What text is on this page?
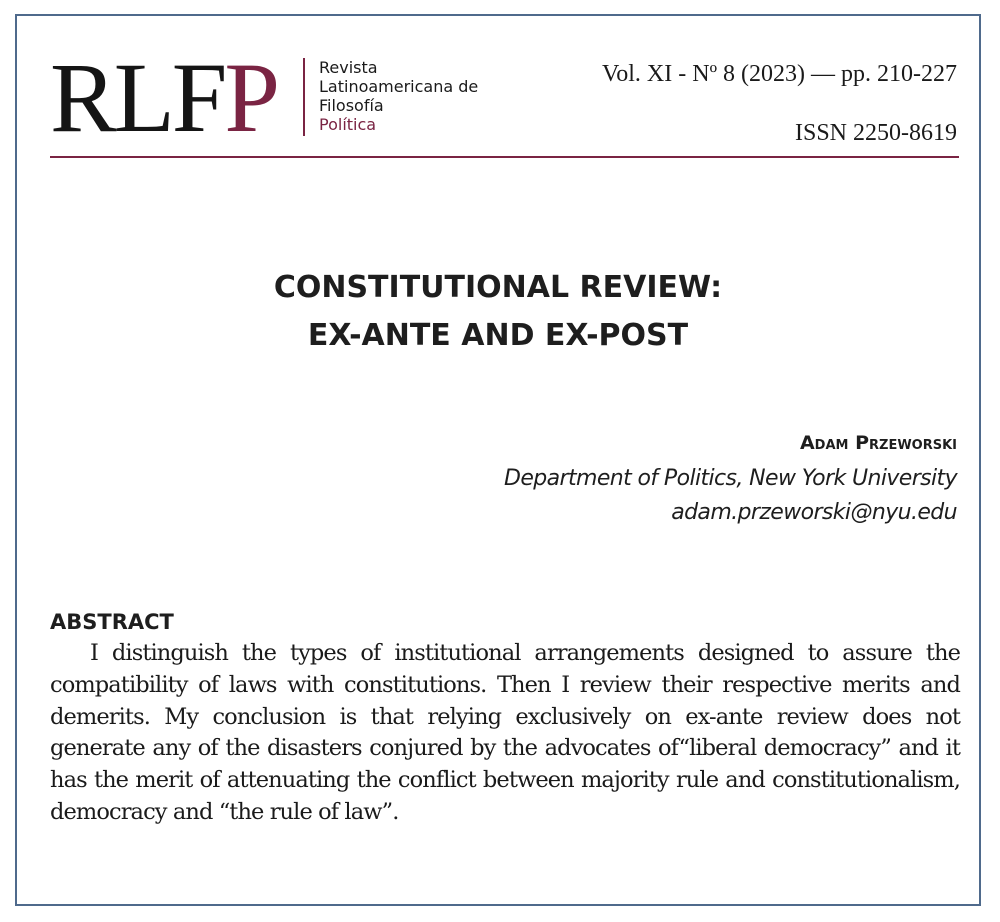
RLFP	Revista
Latinoamericana de
Filosofía
Política
Vol. XI - Nº 8 (2023) — pp. 210-227
ISSN 2250-8619
CONSTITUTIONAL REVIEW:
EX-ANTE AND EX-POST
Adam Przeworski
Department of Politics, New York University
adam.przeworski@nyu.edu
ABSTRACT

I distinguish the types of institutional arrangements designed to assure the compatibility of laws with constitutions. Then I review their respective merits and demerits. My conclusion is that relying exclusively on ex-ante review does not generate any of the disasters conjured by the advocates of“liberal democracy” and it has the merit of attenuating the conflict between majority rule and constitutionalism, democracy and “the rule of law”.
